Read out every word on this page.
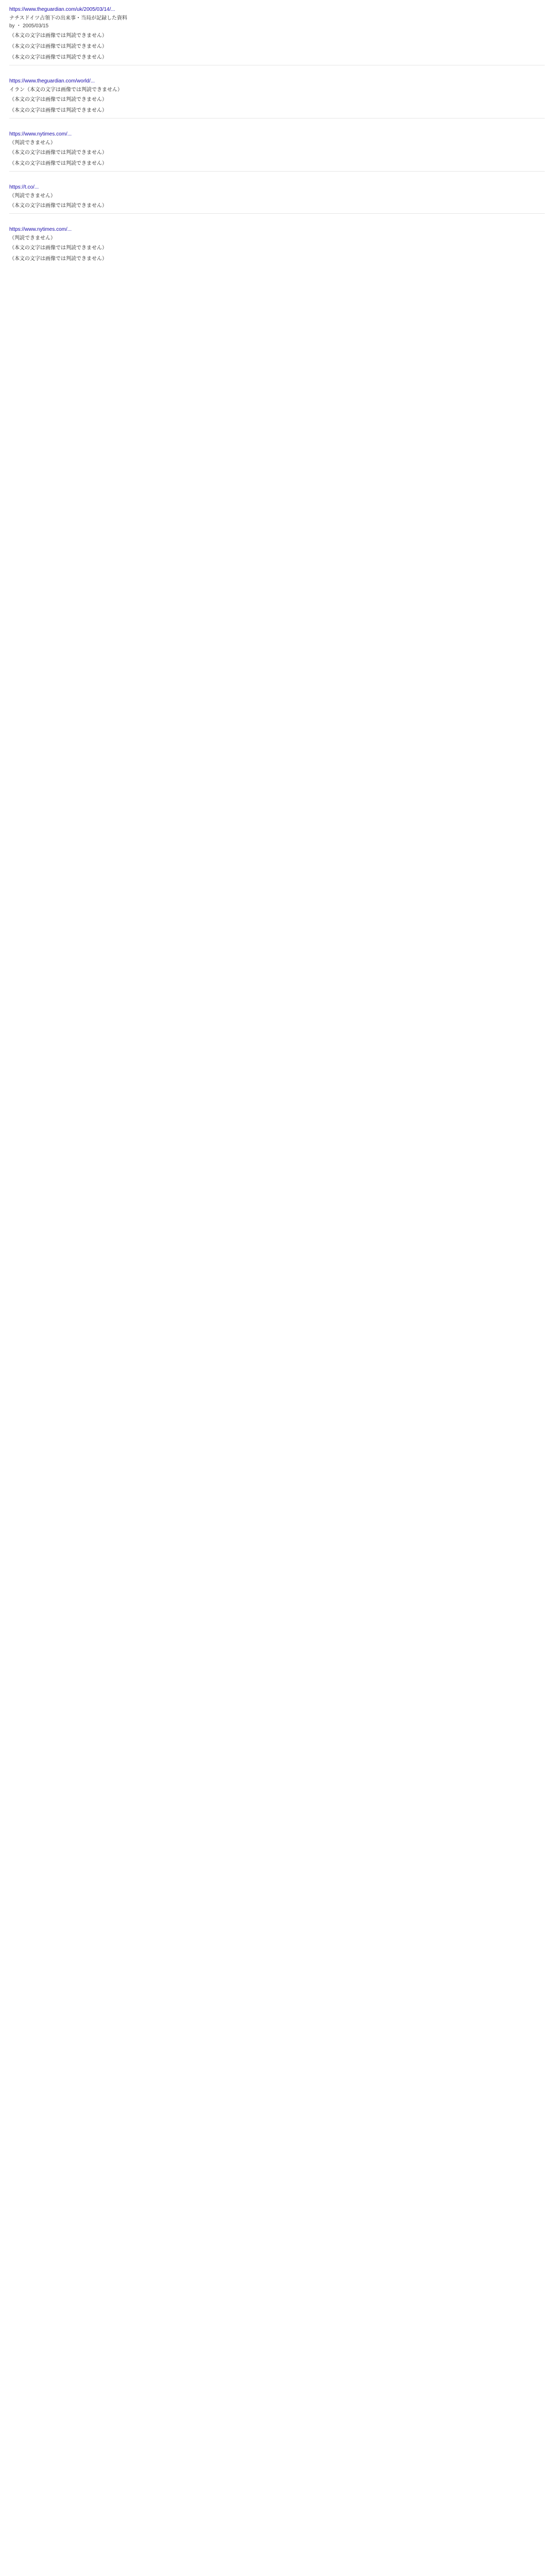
https://www.theguardian.com/uk/2005/03/14/...
ナチスドイツ占領下の出来事・当局が記録した資料
by ・ 2005/03/15
（本文の文字は画像では判読できません）
（本文の文字は画像では判読できません）
（本文の文字は画像では判読できません）
https://www.theguardian.com/world/...
イラン（本文の文字は画像では判読できません）
（本文の文字は画像では判読できません）
（本文の文字は画像では判読できません）
https://www.nytimes.com/...
（判読できません）
（本文の文字は画像では判読できません）
（本文の文字は画像では判読できません）
https://t.co/...
（判読できません）
（本文の文字は画像では判読できません）
https://www.nytimes.com/...
（判読できません）
（本文の文字は画像では判読できません）
（本文の文字は画像では判読できません）
